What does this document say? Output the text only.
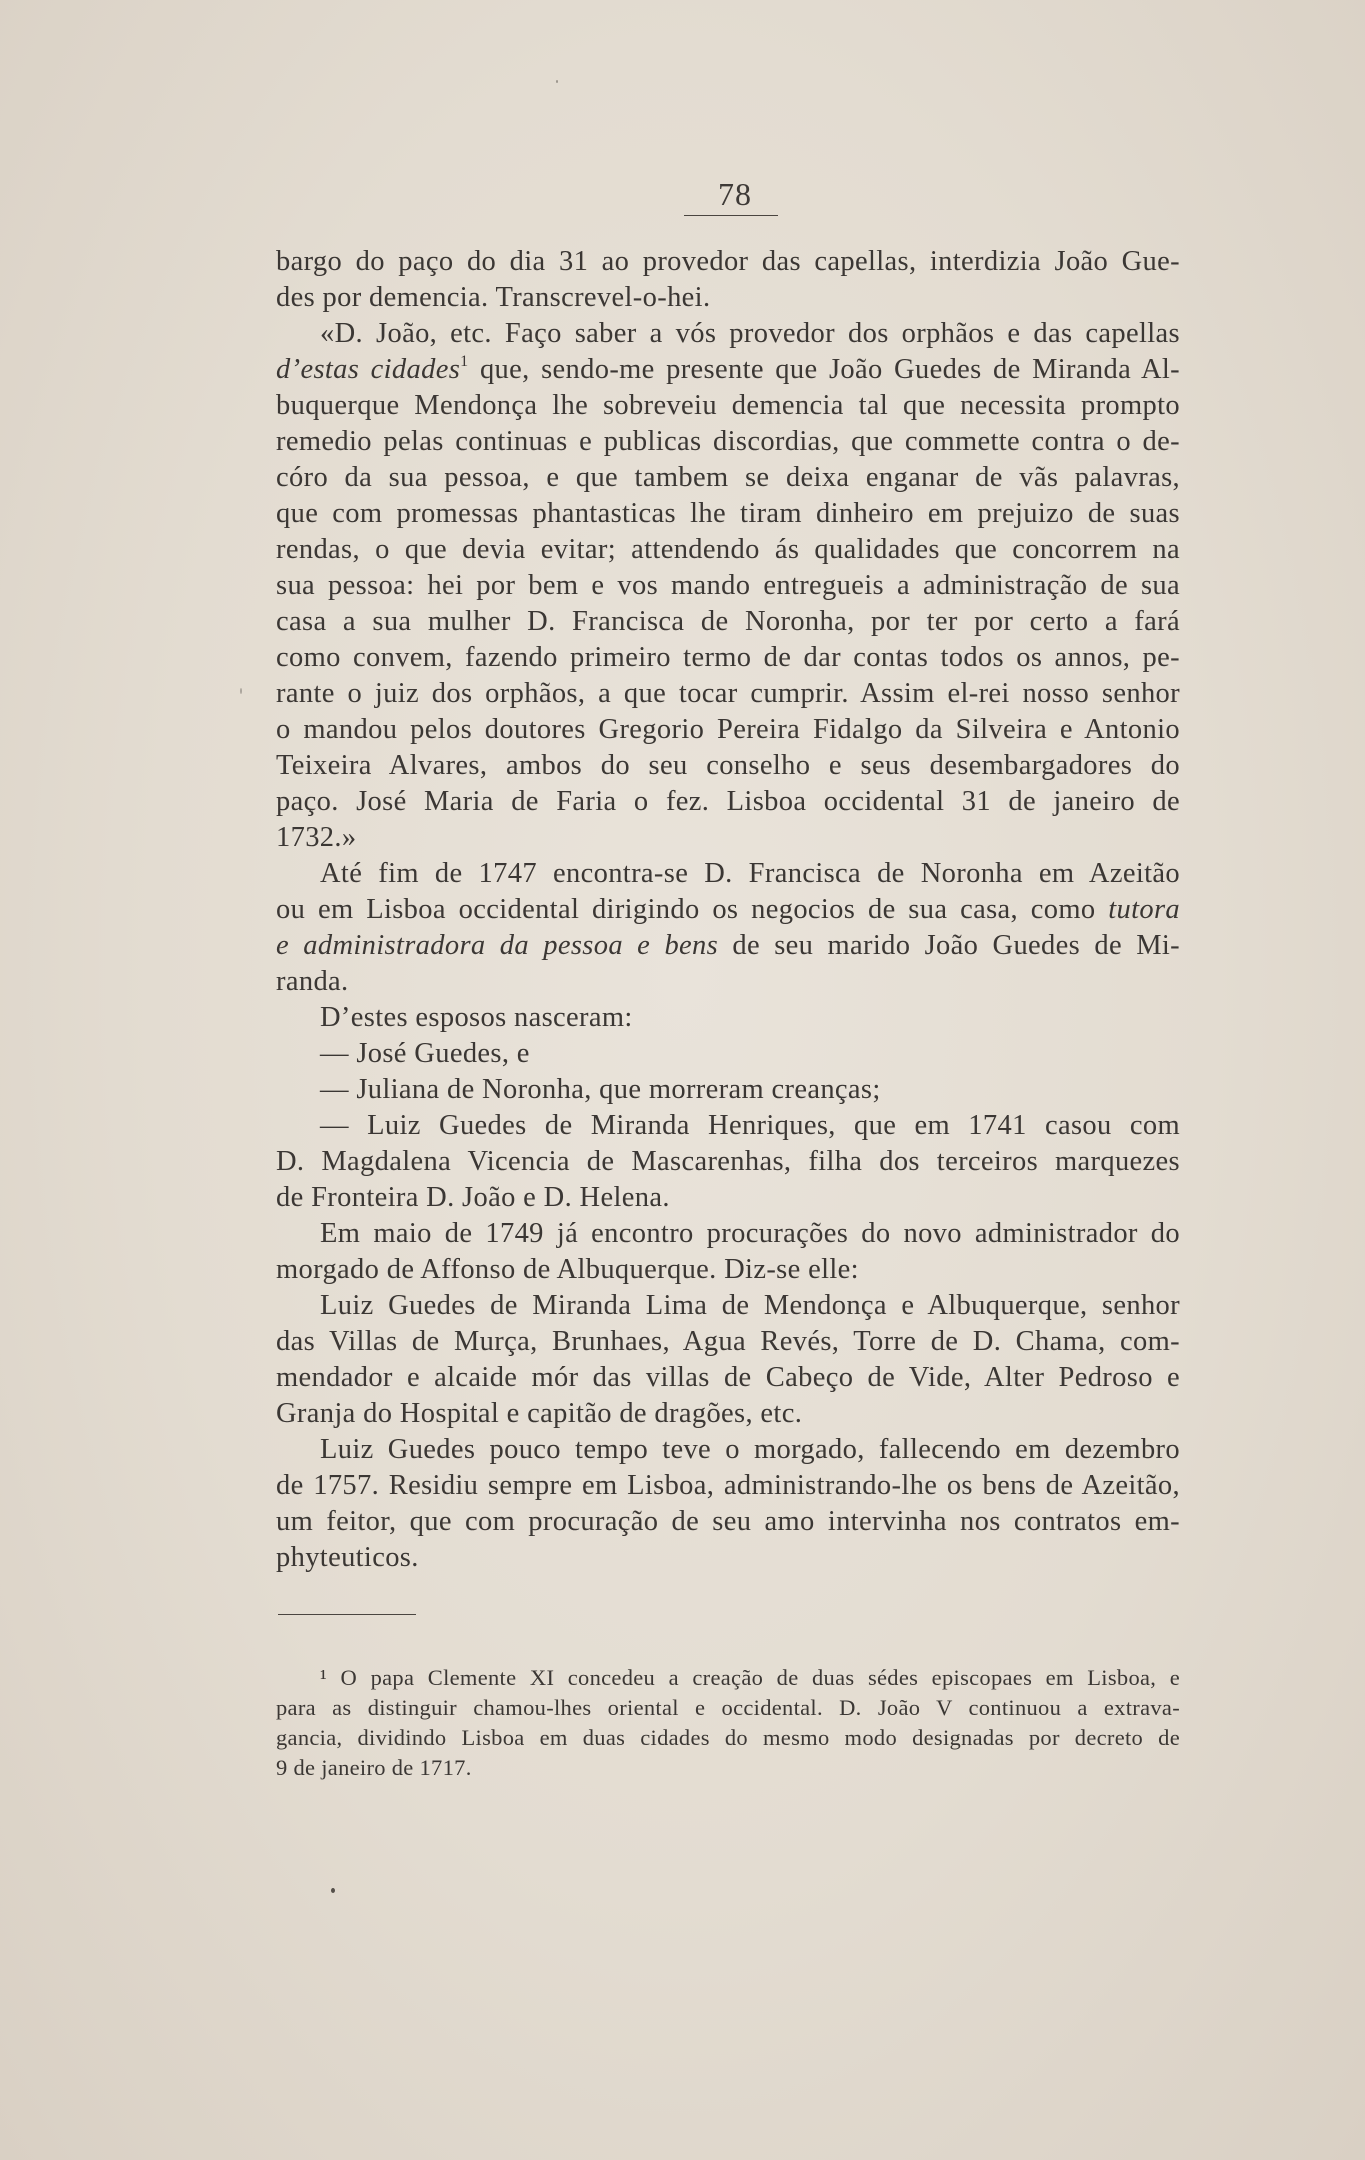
78
bargo do paço do dia 31 ao provedor das capellas, interdizia João Gue-
des por demencia. Transcrevel-o-hei.
«D. João, etc. Faço saber a vós provedor dos orphãos e das capellas
d’estas cidades$^1$ que, sendo-me presente que João Guedes de Miranda Al-
buquerque Mendonça lhe sobreveiu demencia tal que necessita prompto
remedio pelas continuas e publicas discordias, que commette contra o de-
córo da sua pessoa, e que tambem se deixa enganar de vãs palavras,
que com promessas phantasticas lhe tiram dinheiro em prejuizo de suas
rendas, o que devia evitar; attendendo ás qualidades que concorrem na
sua pessoa: hei por bem e vos mando entregueis a administração de sua
casa a sua mulher D. Francisca de Noronha, por ter por certo a fará
como convem, fazendo primeiro termo de dar contas todos os annos, pe-
rante o juiz dos orphãos, a que tocar cumprir. Assim el-rei nosso senhor
o mandou pelos doutores Gregorio Pereira Fidalgo da Silveira e Antonio
Teixeira Alvares, ambos do seu conselho e seus desembargadores do
paço. José Maria de Faria o fez. Lisboa occidental 31 de janeiro de
1732.»
Até fim de 1747 encontra-se D. Francisca de Noronha em Azeitão
ou em Lisboa occidental dirigindo os negocios de sua casa, como tutora
e administradora da pessoa e bens de seu marido João Guedes de Mi-
randa.
D’estes esposos nasceram:
— José Guedes, e
— Juliana de Noronha, que morreram creanças;
— Luiz Guedes de Miranda Henriques, que em 1741 casou com
D. Magdalena Vicencia de Mascarenhas, filha dos terceiros marquezes
de Fronteira D. João e D. Helena.
Em maio de 1749 já encontro procurações do novo administrador do
morgado de Affonso de Albuquerque. Diz-se elle:
Luiz Guedes de Miranda Lima de Mendonça e Albuquerque, senhor
das Villas de Murça, Brunhaes, Agua Revés, Torre de D. Chama, com-
mendador e alcaide mór das villas de Cabeço de Vide, Alter Pedroso e
Granja do Hospital e capitão de dragões, etc.
Luiz Guedes pouco tempo teve o morgado, fallecendo em dezembro
de 1757. Residiu sempre em Lisboa, administrando-lhe os bens de Azeitão,
um feitor, que com procuração de seu amo intervinha nos contratos em-
phyteuticos.
¹ O papa Clemente XI concedeu a creação de duas sédes episcopaes em Lisboa, e
para as distinguir chamou-lhes oriental e occidental. D. João V continuou a extrava-
gancia, dividindo Lisboa em duas cidades do mesmo modo designadas por decreto de
9 de janeiro de 1717.
